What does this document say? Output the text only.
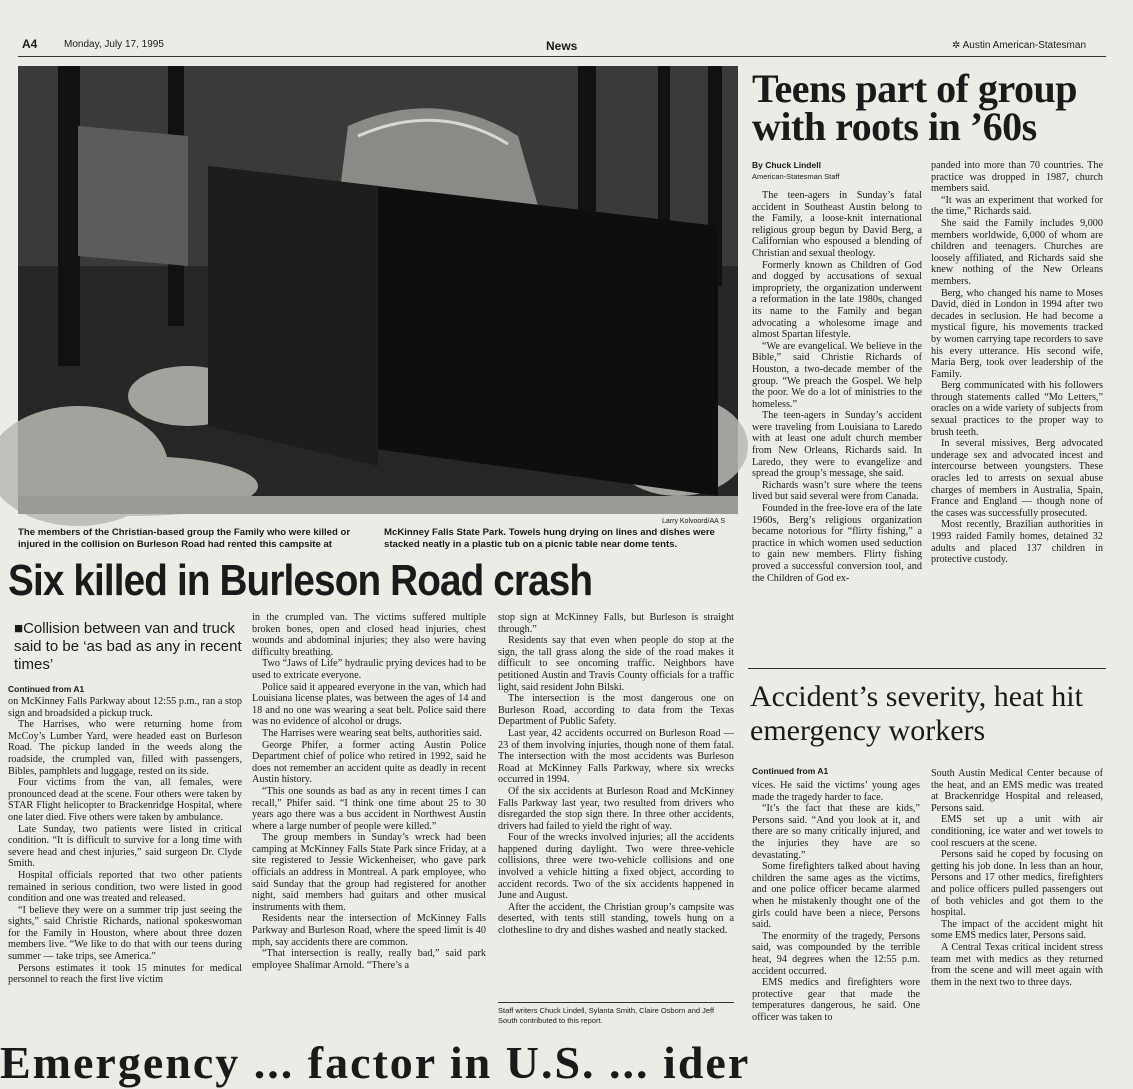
A4	Monday, July 17, 1995	News	✲ Austin American-Statesman
Larry Kolvoord/AA S
The members of the Christian-based group the Family who were killed or injured in the collision on Burleson Road had rented this campsite at
McKinney Falls State Park. Towels hung drying on lines and dishes were stacked neatly in a plastic tub on a picnic table near dome tents.
Teens part of group with roots in ’60s
By Chuck Lindell
American-Statesman Staff

The teen-agers in Sunday’s fatal accident in Southeast Austin belong to the Family, a loose-knit international religious group begun by David Berg, a Californian who espoused a blending of Christian and sexual theology.

Formerly known as Children of God and dogged by accusations of sexual impropriety, the organization underwent a reformation in the late 1980s, changed its name to the Family and began advocating a wholesome image and almost Spartan lifestyle.

“We are evangelical. We believe in the Bible,” said Christie Richards of Houston, a two-decade member of the group. “We preach the Gospel. We help the poor. We do a lot of ministries to the homeless.”

The teen-agers in Sunday’s accident were traveling from Louisiana to Laredo with at least one adult church member from New Orleans, Richards said. In Laredo, they were to evangelize and spread the group’s message, she said.

Richards wasn’t sure where the teens lived but said several were from Canada.

Founded in the free-love era of the late 1960s, Berg’s religious organization became notorious for “flirty fishing,” a practice in which women used seduction to gain new members. Flirty fishing proved a successful conversion tool, and the Children of God ex-

panded into more than 70 countries. The practice was dropped in 1987, church members said.

“It was an experiment that worked for the time,” Richards said.

She said the Family includes 9,000 members worldwide, 6,000 of whom are children and teenagers. Churches are loosely affiliated, and Richards said she knew nothing of the New Orleans members.

Berg, who changed his name to Moses David, died in London in 1994 after two decades in seclusion. He had become a mystical figure, his movements tracked by women carrying tape recorders to save his every utterance. His second wife, Maria Berg, took over leadership of the Family.

Berg communicated with his followers through statements called “Mo Letters,” oracles on a wide variety of subjects from sexual practices to the proper way to brush teeth.

In several missives, Berg advocated underage sex and advocated incest and intercourse between youngsters. These oracles led to arrests on sexual abuse charges of members in Australia, Spain, France and England — though none of the cases was successfully prosecuted.

Most recently, Brazilian authorities in 1993 raided Family homes, detained 32 adults and placed 137 children in protective custody.

Six killed in Burleson Road crash
■Collision between van and truck said to be ‘as bad as any in recent times’
Continued from A1

on McKinney Falls Parkway about 12:55 p.m., ran a stop sign and broadsided a pickup truck.

The Harrises, who were returning home from McCoy’s Lumber Yard, were headed east on Burleson Road. The pickup landed in the weeds along the roadside, the crumpled van, filled with passengers, Bibles, pamphlets and luggage, rested on its side.

Four victims from the van, all females, were pronounced dead at the scene. Four others were taken by STAR Flight helicopter to Brackenridge Hospital, where one later died. Five others were taken by ambulance.

Late Sunday, two patients were listed in critical condition. “It is difficult to survive for a long time with severe head and chest injuries,” said surgeon Dr. Clyde Smith.

Hospital officials reported that two other patients remained in serious condition, two were listed in good condition and one was treated and released.

“I believe they were on a summer trip just seeing the sights,” said Christie Richards, national spokeswoman for the Family in Houston, where about three dozen members live. “We like to do that with our teens during summer — take trips, see America.”

Persons estimates it took 15 minutes for medical personnel to reach the first live victim

in the crumpled van. The victims suffered multiple broken bones, open and closed head injuries, chest wounds and abdominal injuries; they also were having difficulty breathing.

Two “Jaws of Life” hydraulic prying devices had to be used to extricate everyone.

Police said it appeared everyone in the van, which had Louisiana license plates, was between the ages of 14 and 18 and no one was wearing a seat belt. Police said there was no evidence of alcohol or drugs.

The Harrises were wearing seat belts, authorities said.

George Phifer, a former acting Austin Police Department chief of police who retired in 1992, said he does not remember an accident quite as deadly in recent Austin history.

“This one sounds as bad as any in recent times I can recall,” Phifer said. “I think one time about 25 to 30 years ago there was a bus accident in Northwest Austin where a large number of people were killed.”

The group members in Sunday’s wreck had been camping at McKinney Falls State Park since Friday, at a site registered to Jessie Wickenheiser, who gave park officials an address in Montreal. A park employee, who said Sunday that the group had registered for another night, said members had guitars and other musical instruments with them.

Residents near the intersection of McKinney Falls Parkway and Burleson Road, where the speed limit is 40 mph, say accidents there are common.

“That intersection is really, really bad,” said park employee Shalimar Arnold. “There’s a

stop sign at McKinney Falls, but Burleson is straight through.”

Residents say that even when people do stop at the sign, the tall grass along the side of the road makes it difficult to see oncoming traffic. Neighbors have petitioned Austin and Travis County officials for a traffic light, said resident John Bilski.

The intersection is the most dangerous one on Burleson Road, according to data from the Texas Department of Public Safety.

Last year, 42 accidents occurred on Burleson Road — 23 of them involving injuries, though none of them fatal. The intersection with the most accidents was Burleson Road at McKinney Falls Parkway, where six wrecks occurred in 1994.

Of the six accidents at Burleson Road and McKinney Falls Parkway last year, two resulted from drivers who disregarded the stop sign there. In three other accidents, drivers had failed to yield the right of way.

Four of the wrecks involved injuries; all the accidents happened during daylight. Two were three-vehicle collisions, three were two-vehicle collisions and one involved a vehicle hitting a fixed object, according to accident records. Two of the six accidents happened in June and August.

After the accident, the Christian group’s campsite was deserted, with tents still standing, towels hung on a clothesline to dry and dishes washed and neatly stacked.

Staff writers Chuck Lindell, Sylanta Smith, Claire Osborn and Jeff South contributed to this report.
Accident’s severity, heat hit emergency workers
Continued from A1

vices. He said the victims’ young ages made the tragedy harder to face.

“It’s the fact that these are kids,” Persons said. “And you look at it, and there are so many critically injured, and the injuries they have are so devastating.”

Some firefighters talked about having children the same ages as the victims, and one police officer became alarmed when he mistakenly thought one of the girls could have been a niece, Persons said.

The enormity of the tragedy, Persons said, was compounded by the terrible heat, 94 degrees when the 12:55 p.m. accident occurred.

EMS medics and firefighters wore protective gear that made the temperatures dangerous, he said. One officer was taken to

South Austin Medical Center because of the heat, and an EMS medic was treated at Brackenridge Hospital and released, Persons said.

EMS set up a unit with air conditioning, ice water and wet towels to cool rescuers at the scene.

Persons said he coped by focusing on getting his job done. In less than an hour, Persons and 17 other medics, firefighters and police officers pulled passengers out of both vehicles and got them to the hospital.

The impact of the accident might hit some EMS medics later, Persons said.

A Central Texas critical incident stress team met with medics as they returned from the scene and will meet again with them in the next two to three days.

Emergency ... factor in U.S. ... ider
